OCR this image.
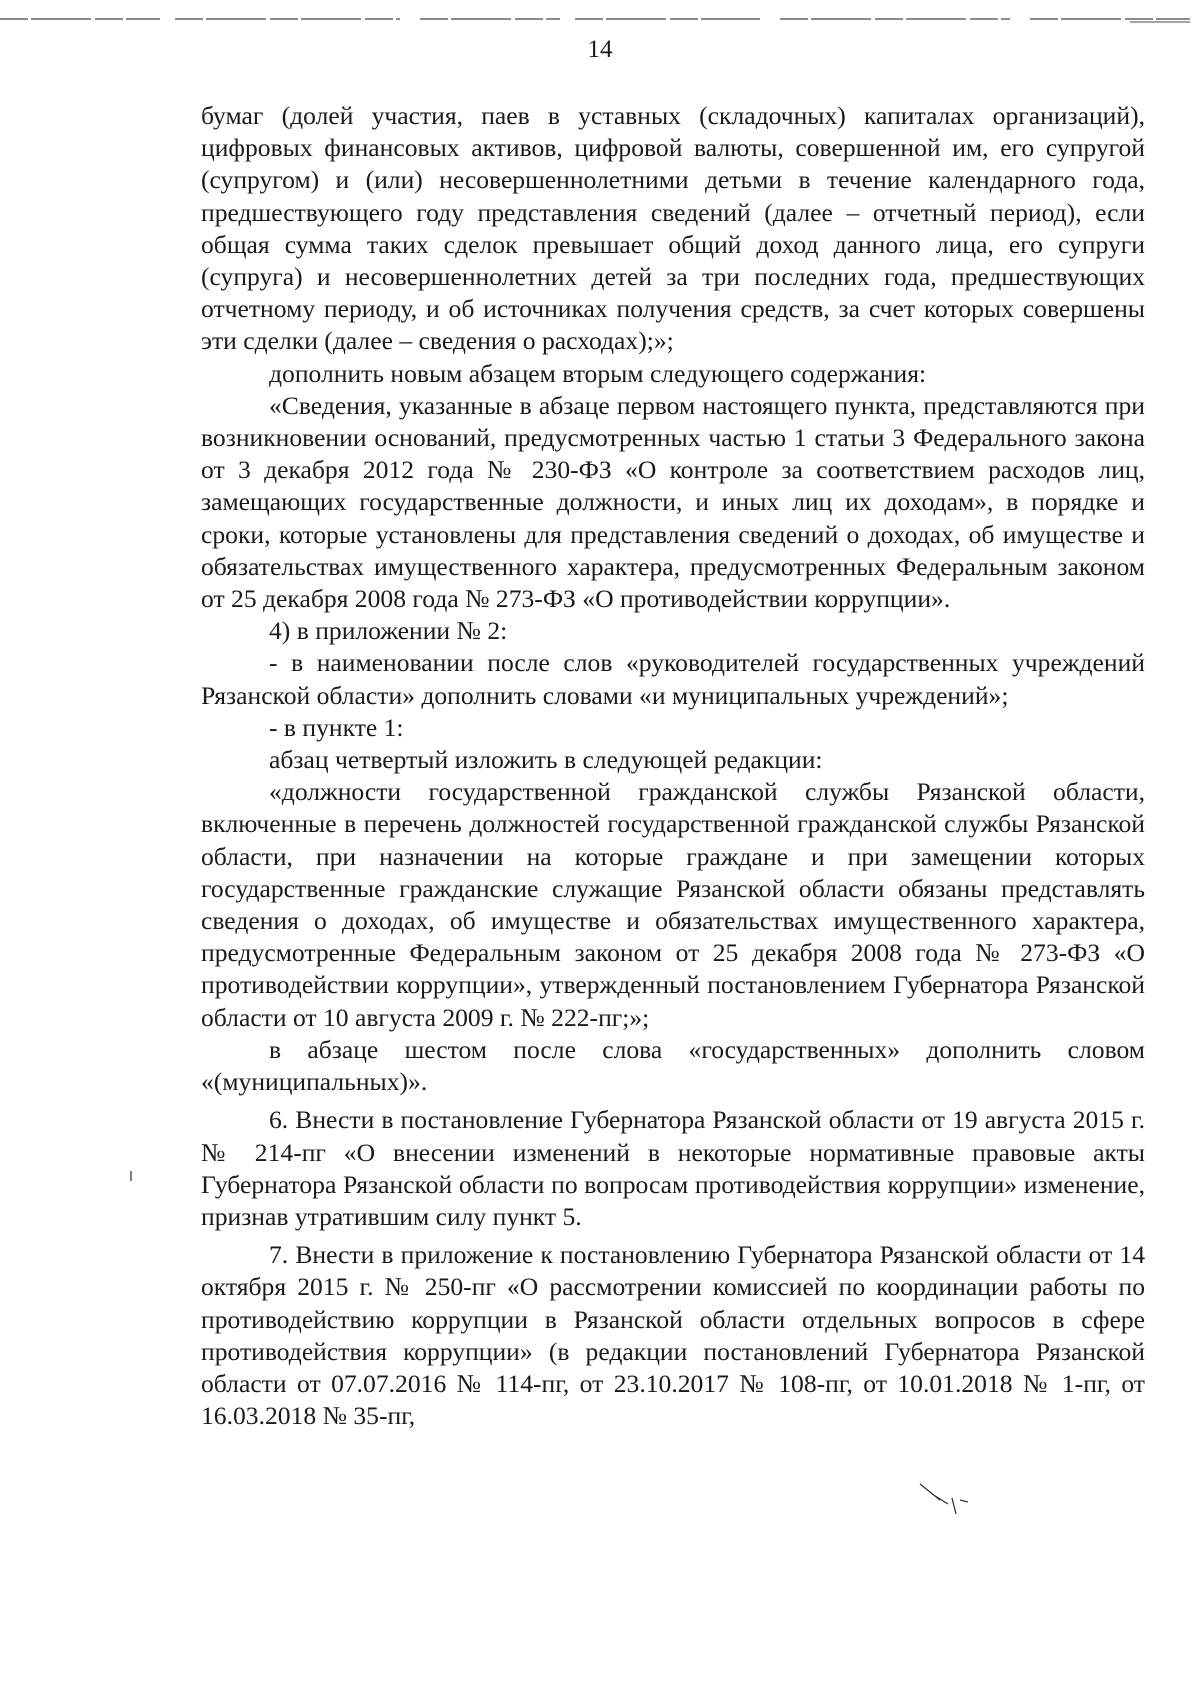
14

бумаг (долей участия, паев в уставных (складочных) капиталах организаций), цифровых финансовых активов, цифровой валюты, совершенной им, его супругой (супругом) и (или) несовершеннолетними детьми в течение календарного года, предшествующего году представления сведений (далее – отчетный период), если общая сумма таких сделок превышает общий доход данного лица, его супруги (супруга) и несовершеннолетних детей за три последних года, предшествующих отчетному периоду, и об источниках получения средств, за счет которых совершены эти сделки (далее – сведения о расходах);»;

дополнить новым абзацем вторым следующего содержания:

«Сведения, указанные в абзаце первом настоящего пункта, представляются при возникновении оснований, предусмотренных частью 1 статьи 3 Федерального закона от 3 декабря 2012 года № 230-ФЗ «О контроле за соответствием расходов лиц, замещающих государственные должности, и иных лиц их доходам», в порядке и сроки, которые установлены для представления сведений о доходах, об имуществе и обязательствах имущественного характера, предусмотренных Федеральным законом от 25 декабря 2008 года № 273-ФЗ «О противодействии коррупции».

4) в приложении № 2:

- в наименовании после слов «руководителей государственных учреждений Рязанской области» дополнить словами «и муниципальных учреждений»;

- в пункте 1:

абзац четвертый изложить в следующей редакции:

«должности государственной гражданской службы Рязанской области, включенные в перечень должностей государственной гражданской службы Рязанской области, при назначении на которые граждане и при замещении которых государственные гражданские служащие Рязанской области обязаны представлять сведения о доходах, об имуществе и обязательствах имущественного характера, предусмотренные Федеральным законом от 25 декабря 2008 года № 273-ФЗ «О противодействии коррупции», утвержденный постановлением Губернатора Рязанской области от 10 августа 2009 г. № 222-пг;»;

в абзаце шестом после слова «государственных» дополнить словом «(муниципальных)».

6. Внести в постановление Губернатора Рязанской области от 19 августа 2015 г. № 214-пг «О внесении изменений в некоторые нормативные правовые акты Губернатора Рязанской области по вопросам противодействия коррупции» изменение, признав утратившим силу пункт 5.

7. Внести в приложение к постановлению Губернатора Рязанской области от 14 октября 2015 г. № 250-пг «О рассмотрении комиссией по координации работы по противодействию коррупции в Рязанской области отдельных вопросов в сфере противодействия коррупции» (в редакции постановлений Губернатора Рязанской области от 07.07.2016 № 114-пг, от 23.10.2017 № 108-пг, от 10.01.2018 № 1-пг, от 16.03.2018 № 35-пг,
